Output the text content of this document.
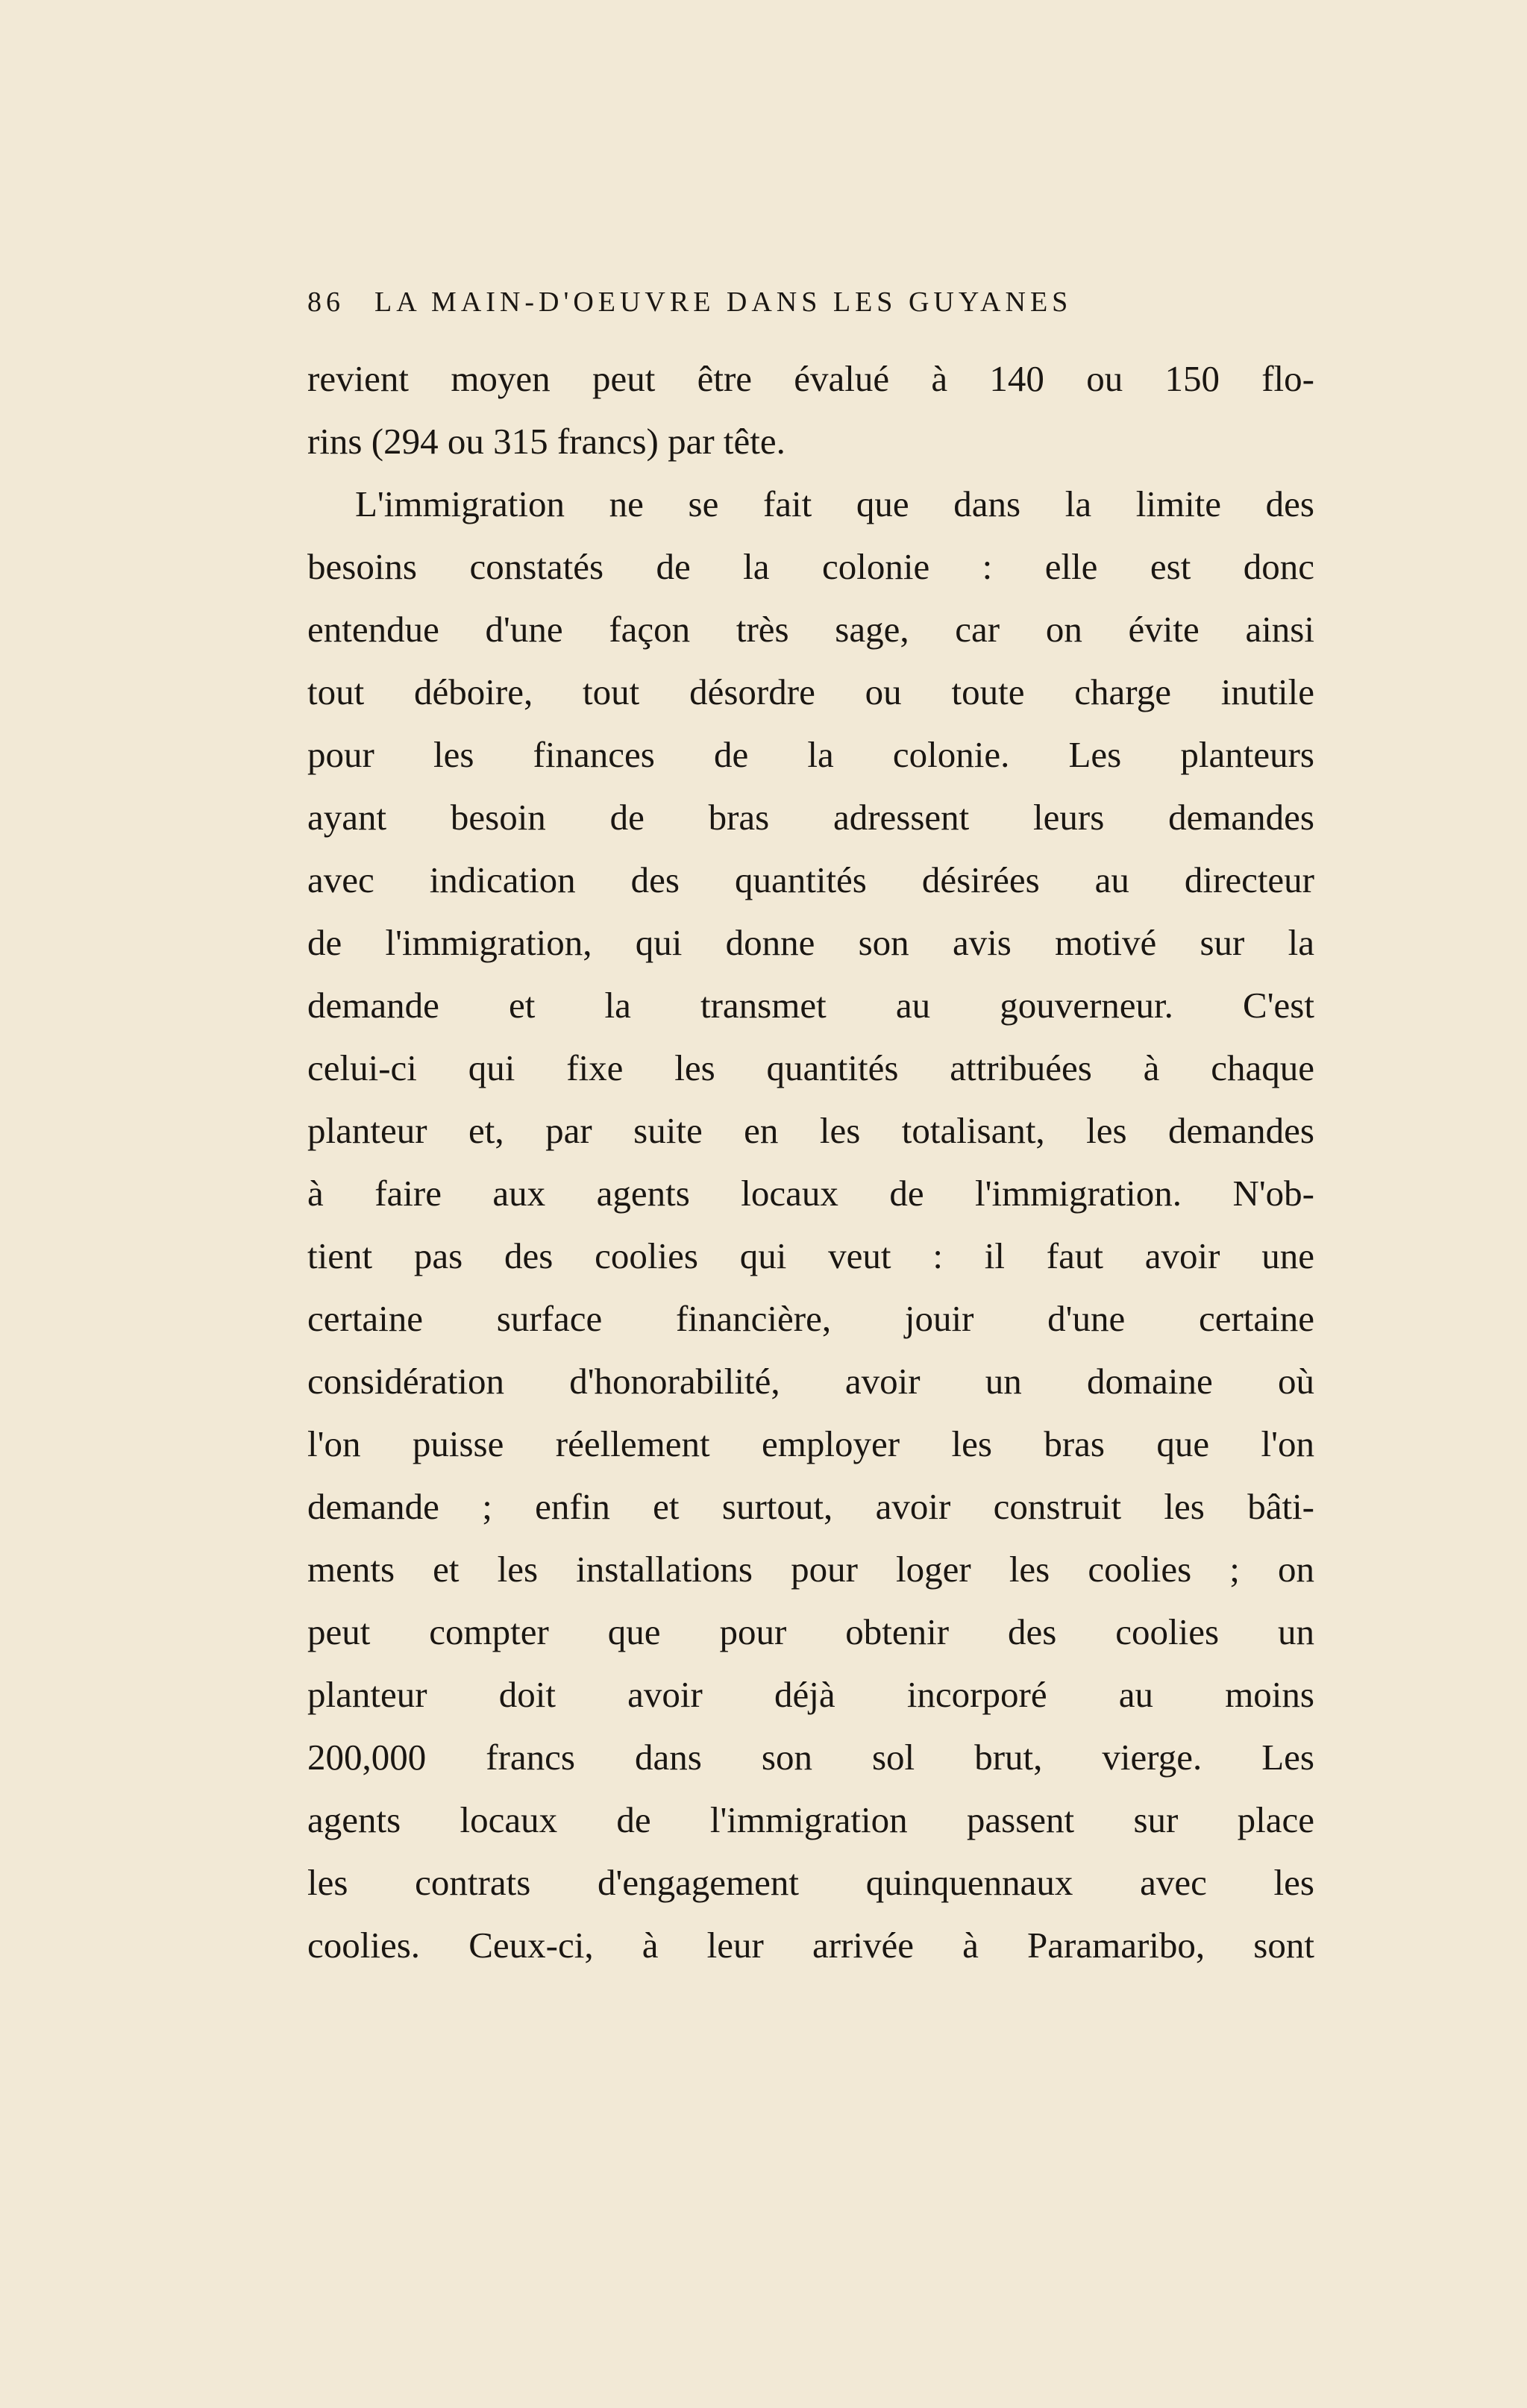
86 LA MAIN-D'OEUVRE DANS LES GUYANES
revient moyen peut être évalué à 140 ou 150 flo-
rins (294 ou 315 francs) par tête.
L'immigration ne se fait que dans la limite des
besoins constatés de la colonie : elle est donc
entendue d'une façon très sage, car on évite ainsi
tout déboire, tout désordre ou toute charge inutile
pour les finances de la colonie. Les planteurs
ayant besoin de bras adressent leurs demandes
avec indication des quantités désirées au directeur
de l'immigration, qui donne son avis motivé sur la
demande et la transmet au gouverneur. C'est
celui-ci qui fixe les quantités attribuées à chaque
planteur et, par suite en les totalisant, les demandes
à faire aux agents locaux de l'immigration. N'ob-
tient pas des coolies qui veut : il faut avoir une
certaine surface financière, jouir d'une certaine
considération d'honorabilité, avoir un domaine où
l'on puisse réellement employer les bras que l'on
demande ; enfin et surtout, avoir construit les bâti-
ments et les installations pour loger les coolies ; on
peut compter que pour obtenir des coolies un
planteur doit avoir déjà incorporé au moins
200,000 francs dans son sol brut, vierge. Les
agents locaux de l'immigration passent sur place
les contrats d'engagement quinquennaux avec les
coolies. Ceux-ci, à leur arrivée à Paramaribo, sont
